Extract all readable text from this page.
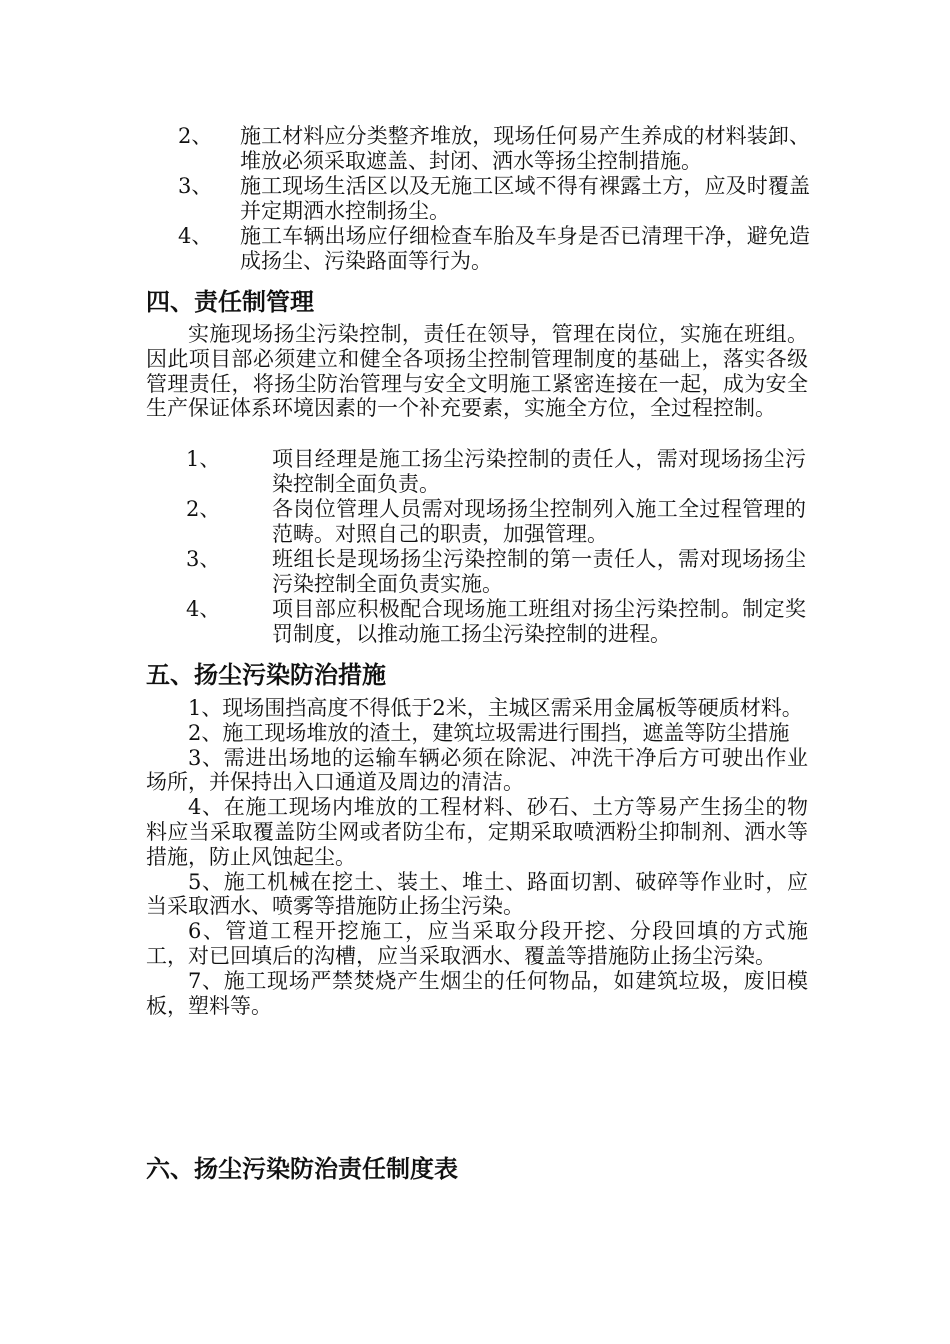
2、 施工材料应分类整齐堆放，现场任何易产生养成的材料装卸、堆放必须采取遮盖、封闭、洒水等扬尘控制措施。
3、 施工现场生活区以及无施工区域不得有裸露土方，应及时覆盖并定期洒水控制扬尘。
4、 施工车辆出场应仔细检查车胎及车身是否已清理干净，避免造成扬尘、污染路面等行为。
四、责任制管理
实施现场扬尘污染控制，责任在领导，管理在岗位，实施在班组。因此项目部必须建立和健全各项扬尘控制管理制度的基础上，落实各级管理责任，将扬尘防治管理与安全文明施工紧密连接在一起，成为安全生产保证体系环境因素的一个补充要素，实施全方位，全过程控制。
1、 项目经理是施工扬尘污染控制的责任人，需对现场扬尘污染控制全面负责。
2、 各岗位管理人员需对现场扬尘控制列入施工全过程管理的范畴。对照自己的职责，加强管理。
3、 班组长是现场扬尘污染控制的第一责任人，需对现场扬尘污染控制全面负责实施。
4、 项目部应积极配合现场施工班组对扬尘污染控制。制定奖罚制度，以推动施工扬尘污染控制的进程。
五、扬尘污染防治措施

1、现场围挡高度不得低于2米，主城区需采用金属板等硬质材料。

2、施工现场堆放的渣土，建筑垃圾需进行围挡，遮盖等防尘措施

3、需进出场地的运输车辆必须在除泥、冲洗干净后方可驶出作业场所，并保持出入口通道及周边的清洁。

4、在施工现场内堆放的工程材料、砂石、土方等易产生扬尘的物料应当采取覆盖防尘网或者防尘布，定期采取喷洒粉尘抑制剂、洒水等措施，防止风蚀起尘。

5、施工机械在挖土、装土、堆土、路面切割、破碎等作业时，应当采取洒水、喷雾等措施防止扬尘污染。

6、管道工程开挖施工，应当采取分段开挖、分段回填的方式施工，对已回填后的沟槽，应当采取洒水、覆盖等措施防止扬尘污染。

7、施工现场严禁焚烧产生烟尘的任何物品，如建筑垃圾，废旧模板，塑料等。

六、扬尘污染防治责任制度表
